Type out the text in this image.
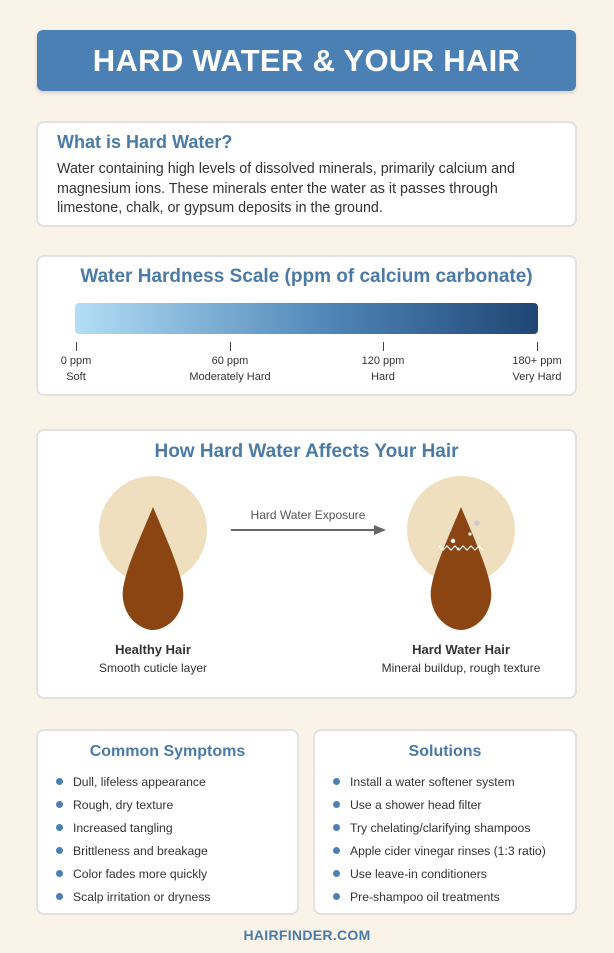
HARD WATER & YOUR HAIR
What is Hard Water?

Water containing high levels of dissolved minerals, primarily calcium and magnesium ions. These minerals enter the water as it passes through limestone, chalk, or gypsum deposits in the ground.

Water Hardness Scale (ppm of calcium carbonate)
0 ppm
Soft
60 ppm
Moderately Hard
120 ppm
Hard
180+ ppm
Very Hard
How Hard Water Affects Your Hair
Hard Water Exposure
Healthy Hair
Smooth cuticle layer
Hard Water Hair
Mineral buildup, rough texture
Common Symptoms
Dull, lifeless appearance
Rough, dry texture
Increased tangling
Brittleness and breakage
Color fades more quickly
Scalp irritation or dryness
Solutions
Install a water softener system
Use a shower head filter
Try chelating/clarifying shampoos
Apple cider vinegar rinses (1:3 ratio)
Use leave-in conditioners
Pre-shampoo oil treatments
HAIRFINDER.COM
